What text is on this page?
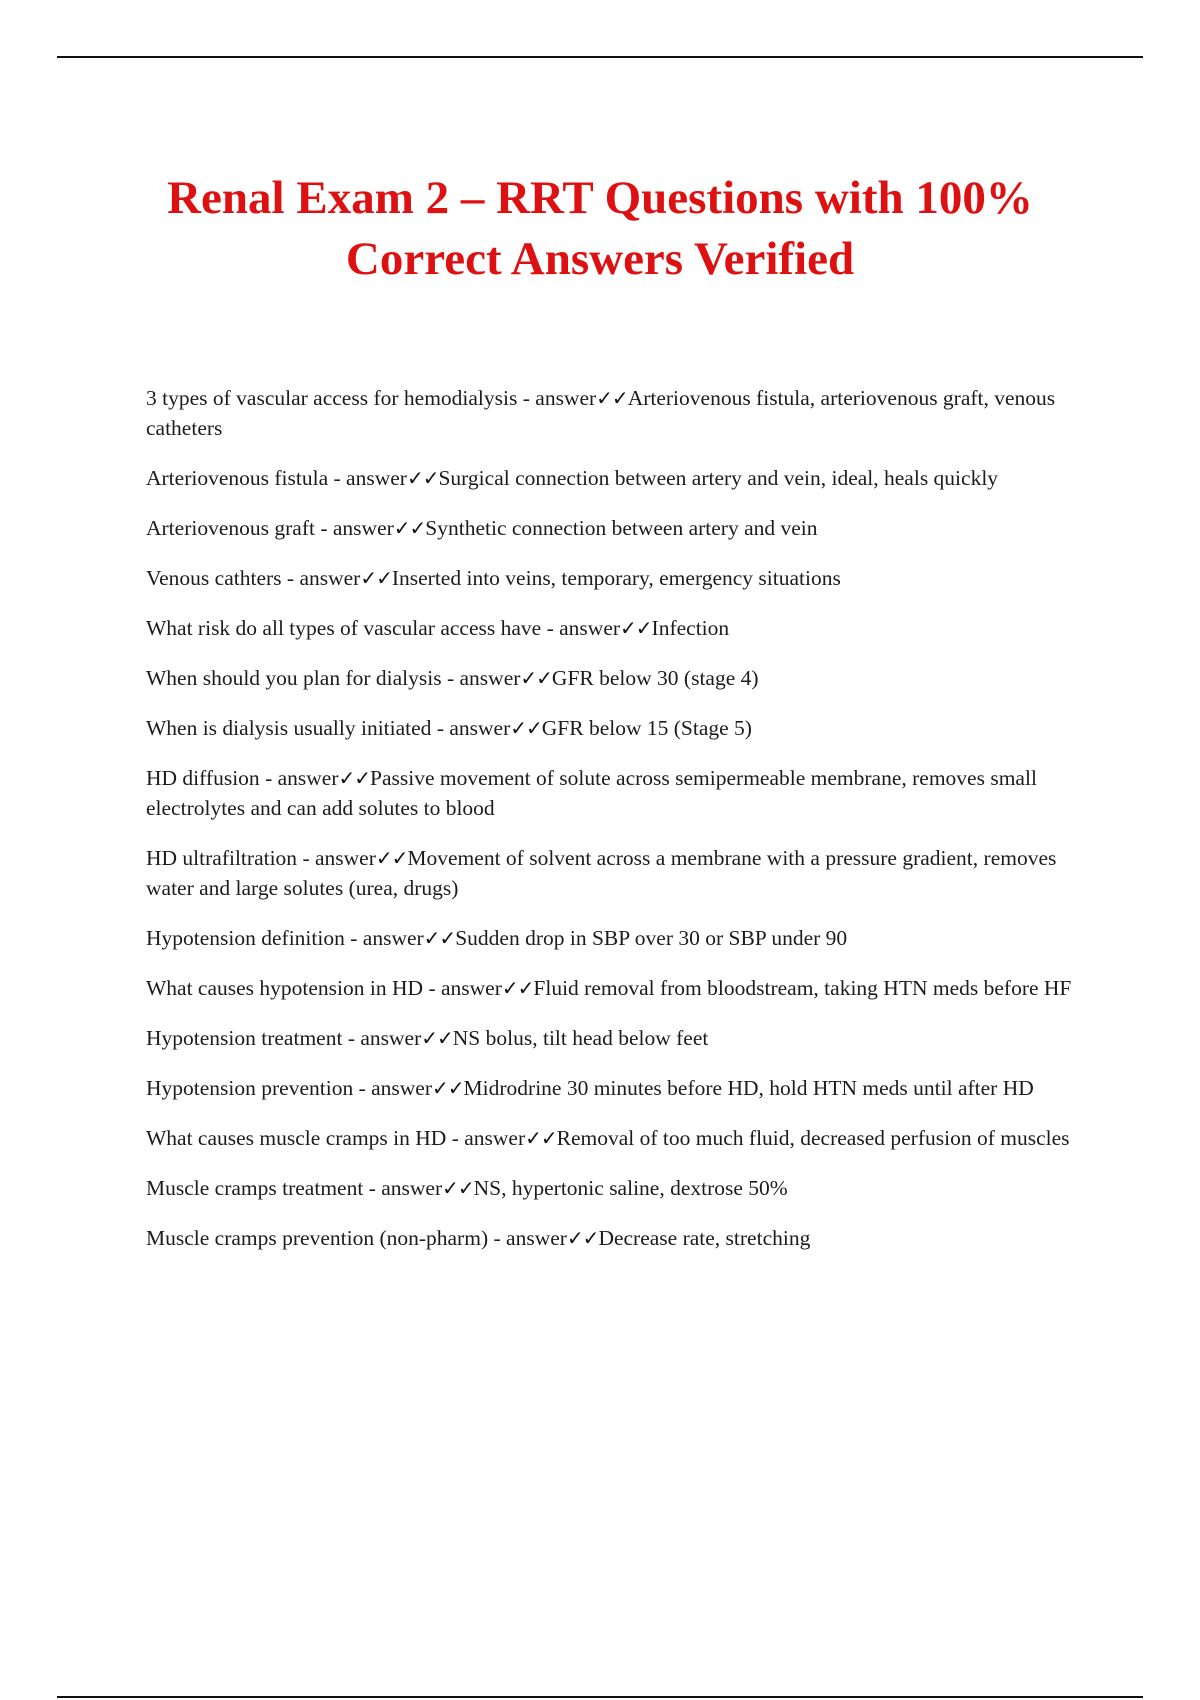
Renal Exam 2 – RRT Questions with 100% Correct Answers Verified
3 types of vascular access for hemodialysis - answer✓✓Arteriovenous fistula, arteriovenous graft, venous catheters
Arteriovenous fistula - answer✓✓Surgical connection between artery and vein, ideal, heals quickly
Arteriovenous graft - answer✓✓Synthetic connection between artery and vein
Venous cathters - answer✓✓Inserted into veins, temporary, emergency situations
What risk do all types of vascular access have - answer✓✓Infection
When should you plan for dialysis - answer✓✓GFR below 30 (stage 4)
When is dialysis usually initiated - answer✓✓GFR below 15 (Stage 5)
HD diffusion - answer✓✓Passive movement of solute across semipermeable membrane, removes small electrolytes and can add solutes to blood
HD ultrafiltration - answer✓✓Movement of solvent across a membrane with a pressure gradient, removes water and large solutes (urea, drugs)
Hypotension definition - answer✓✓Sudden drop in SBP over 30 or SBP under 90
What causes hypotension in HD - answer✓✓Fluid removal from bloodstream, taking HTN meds before HF
Hypotension treatment - answer✓✓NS bolus, tilt head below feet
Hypotension prevention - answer✓✓Midrodrine 30 minutes before HD, hold HTN meds until after HD
What causes muscle cramps in HD - answer✓✓Removal of too much fluid, decreased perfusion of muscles
Muscle cramps treatment - answer✓✓NS, hypertonic saline, dextrose 50%
Muscle cramps prevention (non-pharm) - answer✓✓Decrease rate, stretching
